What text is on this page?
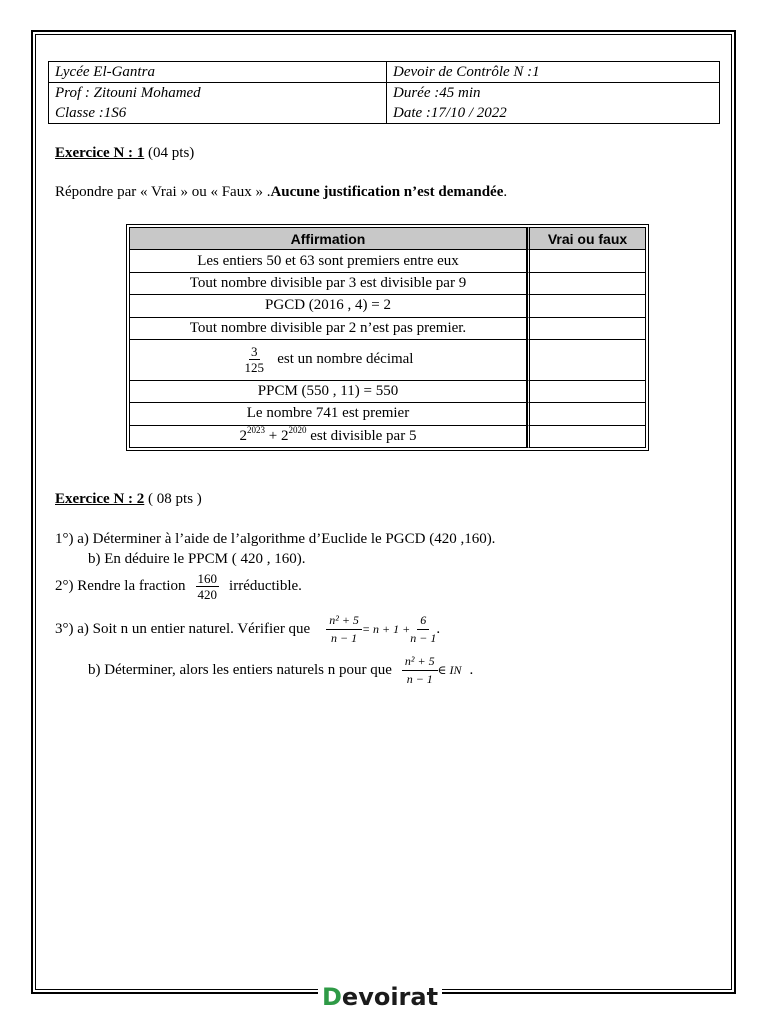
Lycée El-Gantra	Devoir de Contrôle N :1
Prof : Zitouni Mohamed	Durée :45 min
Classe :1S6	Date :17/10 / 2022
Exercice N : 1 (04 pts)
Répondre par « Vrai » ou « Faux » .Aucune justification n’est demandée.
Affirmation	Vrai ou faux
Les entiers 50 et 63 sont premiers entre eux	
Tout nombre divisible par 3 est divisible par 9	
PGCD (2016 , 4) = 2	
Tout nombre divisible par 2 n’est pas premier.	

$\frac{3}{125}$ est un nombre décimal	
PPCM (550 , 11) = 550	
Le nombre 741 est premier	
$2^{2023} + 2^{2020}$ est divisible par 5	
Exercice N : 2 ( 08 pts )
1°) a) Déterminer à l’aide de l’algorithme d’Euclide le PGCD (420 ,160).
b) En déduire le PPCM ( 420 , 160).
2°) Rendre la fraction $\frac{160}{420}$ irréductible.
3°) a) Soit n un entier naturel. Vérifier que $\frac{\text{n² + 5}}{n - 1} = n + 1 + \frac{6}{n - 1}$ .
b) Déterminer, alors les entiers naturels n pour que $\frac{\text{n² + 5}}{n - 1}$ ∈ IN .
D evoirat
